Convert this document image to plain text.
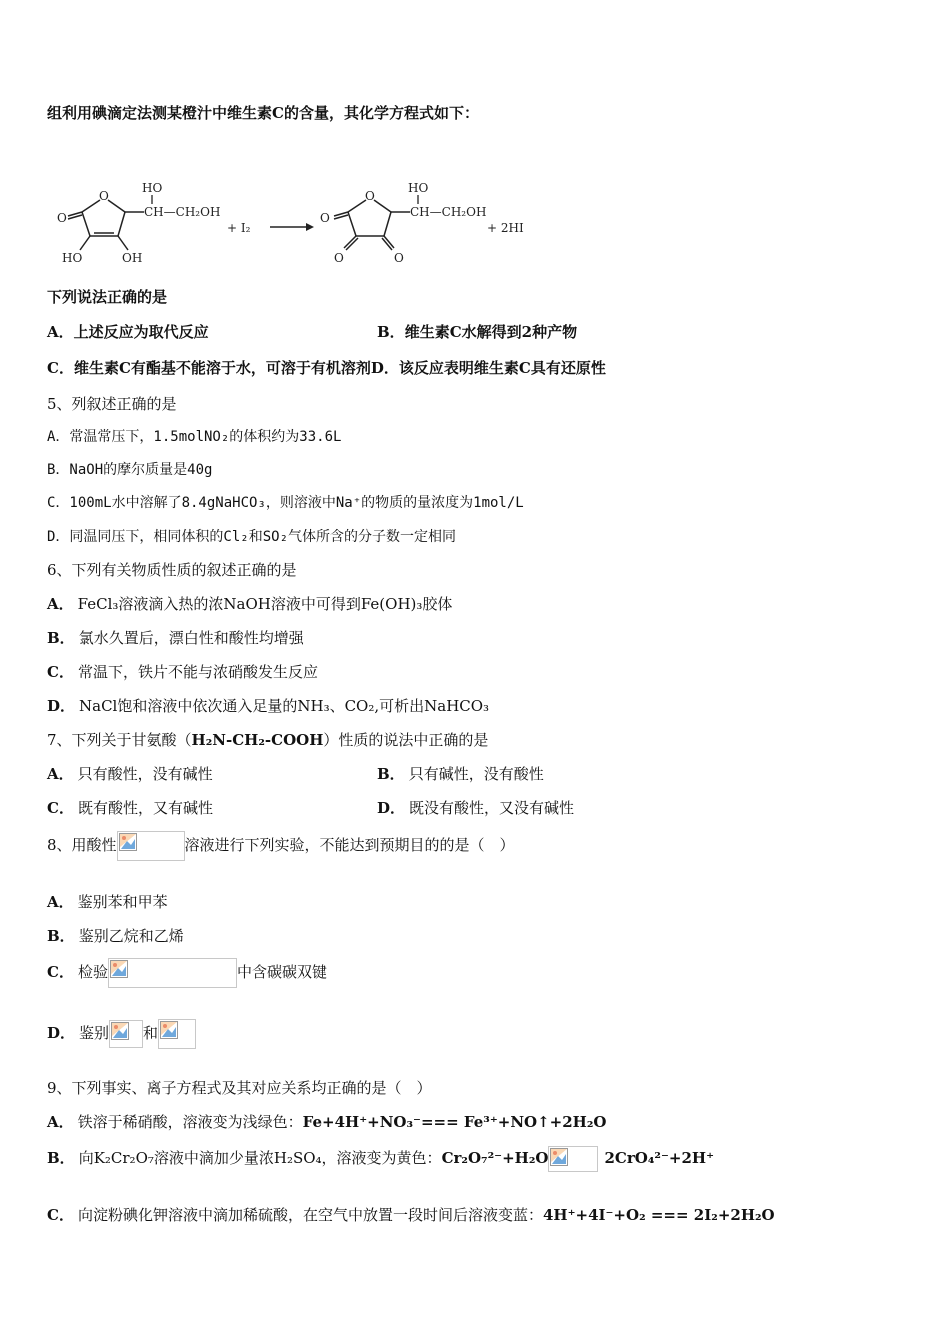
组利用碘滴定法测某橙汁中维生素C的含量，其化学方程式如下：
O
O
HO
CH—CH₂OH
HO	OH
+ I₂
O
O
HO
CH—CH₂OH
O	O
+ 2HI
下列说法正确的是
A．上述反应为取代反应	B．维生素C水解得到2种产物
C．维生素C有酯基不能溶于水，可溶于有机溶剂D．该反应表明维生素C具有还原性
5、列叙述正确的是
A．常温常压下，1.5molNO₂的体积约为33.6L
B．NaOH的摩尔质量是40g
C．100mL水中溶解了8.4gNaHCO₃，则溶液中Na⁺的物质的量浓度为1mol/L
D．同温同压下，相同体积的Cl₂和SO₂气体所含的分子数一定相同
6、下列有关物质性质的叙述正确的是
A． FeCl₃溶液滴入热的浓NaOH溶液中可得到Fe(OH)₃胶体
B． 氯水久置后，漂白性和酸性均增强
C． 常温下，铁片不能与浓硝酸发生反应
D． NaCl饱和溶液中依次通入足量的NH₃、CO₂,可析出NaHCO₃
7、下列关于甘氨酸（H₂N-CH₂-COOH）性质的说法中正确的是
A． 只有酸性，没有碱性	B． 只有碱性，没有酸性
C． 既有酸性，又有碱性	D． 既没有酸性，又没有碱性
8、用酸性	溶液进行下列实验，不能达到预期目的的是（　）
A． 鉴别苯和甲苯
B． 鉴别乙烷和乙烯
C． 检验	中含碳碳双键
D． 鉴别 和
9、下列事实、离子方程式及其对应关系均正确的是（　）
A． 铁溶于稀硝酸，溶液变为浅绿色：Fe+4H⁺+NO₃⁻=== Fe³⁺+NO↑+2H₂O
B． 向K₂Cr₂O₇溶液中滴加少量浓H₂SO₄，溶液变为黄色：Cr₂O₇²⁻+H₂O	2CrO₄²⁻+2H⁺
C． 向淀粉碘化钾溶液中滴加稀硫酸，在空气中放置一段时间后溶液变蓝：4H⁺+4I⁻+O₂ === 2I₂+2H₂O
